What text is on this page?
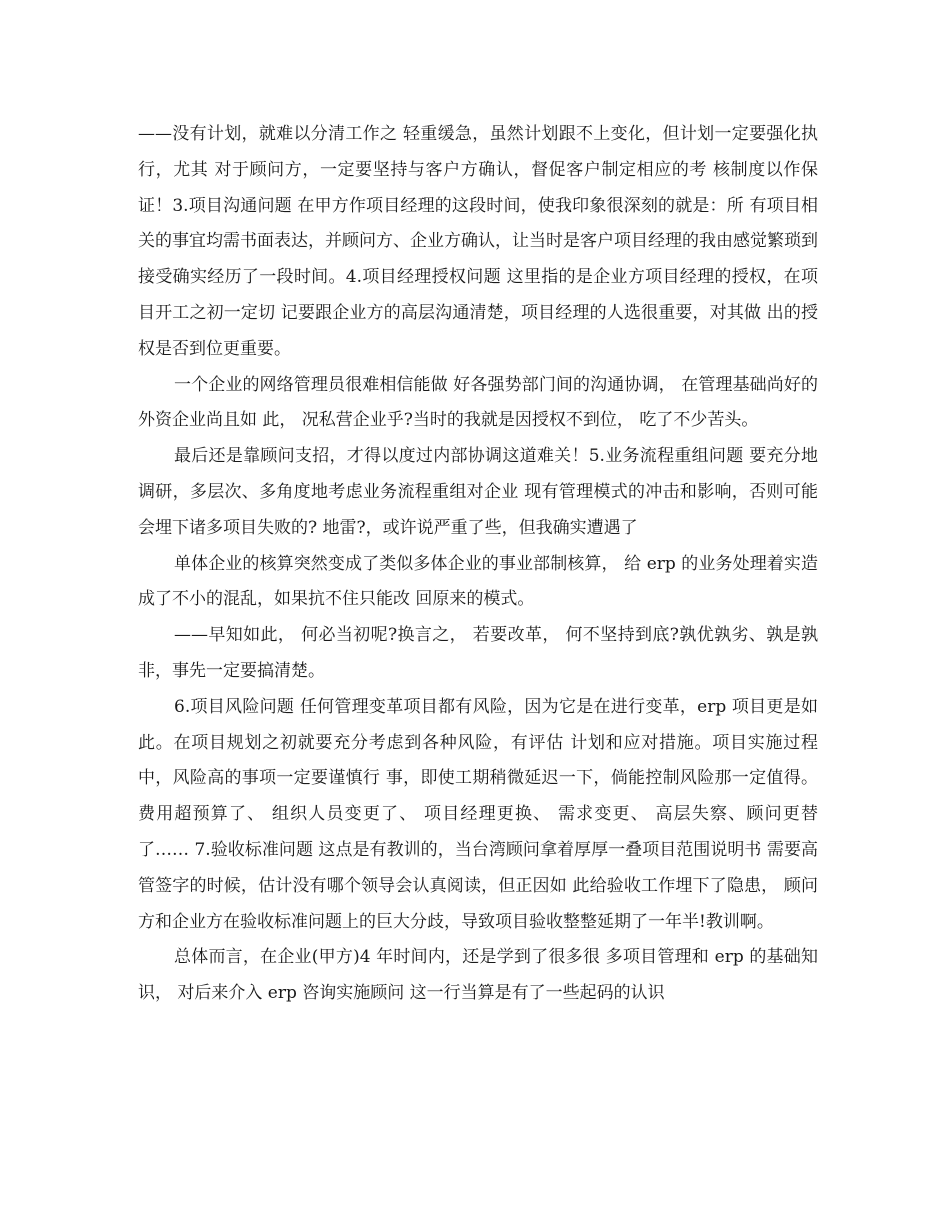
——没有计划，就难以分清工作之 轻重缓急，虽然计划跟不上变化，但计划一定要强化执行，尤其 对于顾问方，一定要坚持与客户方确认，督促客户制定相应的考 核制度以作保证！3.项目沟通问题 在甲方作项目经理的这段时间，使我印象很深刻的就是：所 有项目相关的事宜均需书面表达，并顾问方、企业方确认，让当时是客户项目经理的我由感觉繁琐到接受确实经历了一段时间。4.项目经理授权问题 这里指的是企业方项目经理的授权，在项目开工之初一定切 记要跟企业方的高层沟通清楚，项目经理的人选很重要，对其做 出的授权是否到位更重要。

一个企业的网络管理员很难相信能做 好各强势部门间的沟通协调， 在管理基础尚好的外资企业尚且如 此， 况私营企业乎?当时的我就是因授权不到位， 吃了不少苦头。

最后还是靠顾问支招，才得以度过内部协调这道难关！5.业务流程重组问题 要充分地调研，多层次、多角度地考虑业务流程重组对企业 现有管理模式的冲击和影响，否则可能会埋下诸多项目失败的? 地雷?，或许说严重了些，但我确实遭遇了

单体企业的核算突然变成了类似多体企业的事业部制核算， 给 erp 的业务处理着实造成了不小的混乱，如果抗不住只能改 回原来的模式。

——早知如此， 何必当初呢?换言之， 若要改革， 何不坚持到底?孰优孰劣、孰是孰非，事先一定要搞清楚。

6.项目风险问题 任何管理变革项目都有风险，因为它是在进行变革，erp 项目更是如此。在项目规划之初就要充分考虑到各种风险，有评估 计划和应对措施。项目实施过程中，风险高的事项一定要谨慎行 事，即使工期稍微延迟一下，倘能控制风险那一定值得。费用超预算了、 组织人员变更了、 项目经理更换、 需求变更、 高层失察、顾问更替了…… 7.验收标准问题 这点是有教训的，当台湾顾问拿着厚厚一叠项目范围说明书 需要高管签字的时候，估计没有哪个领导会认真阅读，但正因如 此给验收工作埋下了隐患， 顾问方和企业方在验收标准问题上的巨大分歧，导致项目验收整整延期了一年半!教训啊。

总体而言，在企业(甲方)4 年时间内，还是学到了很多很 多项目管理和 erp 的基础知识， 对后来介入 erp 咨询实施顾问 这一行当算是有了一些起码的认识
